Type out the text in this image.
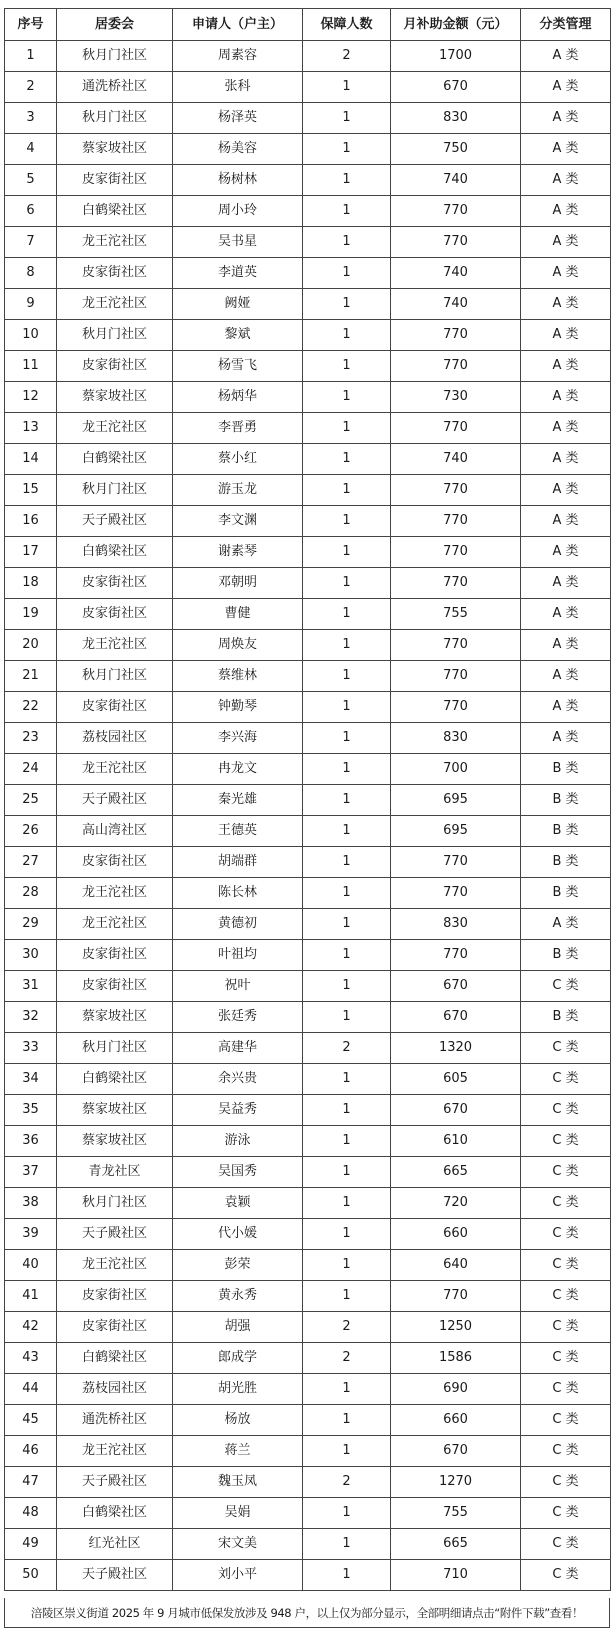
序号	居委会	申请人（户主）	保障人数	月补助金额（元）	分类管理
1	秋月门社区	周素容	2	1700	A 类
2	通洗桥社区	张科	1	670	A 类
3	秋月门社区	杨泽英	1	830	A 类
4	蔡家坡社区	杨美容	1	750	A 类
5	皮家街社区	杨树林	1	740	A 类
6	白鹤梁社区	周小玲	1	770	A 类
7	龙王沱社区	吴书星	1	770	A 类
8	皮家街社区	李道英	1	740	A 类
9	龙王沱社区	阙娅	1	740	A 类
10	秋月门社区	黎斌	1	770	A 类
11	皮家街社区	杨雪飞	1	770	A 类
12	蔡家坡社区	杨炳华	1	730	A 类
13	龙王沱社区	李晋勇	1	770	A 类
14	白鹤梁社区	蔡小红	1	740	A 类
15	秋月门社区	游玉龙	1	770	A 类
16	天子殿社区	李文渊	1	770	A 类
17	白鹤梁社区	谢素琴	1	770	A 类
18	皮家街社区	邓朝明	1	770	A 类
19	皮家街社区	曹健	1	755	A 类
20	龙王沱社区	周焕友	1	770	A 类
21	秋月门社区	蔡维林	1	770	A 类
22	皮家街社区	钟勤琴	1	770	A 类
23	荔枝园社区	李兴海	1	830	A 类
24	龙王沱社区	冉龙文	1	700	B 类
25	天子殿社区	秦光雄	1	695	B 类
26	高山湾社区	王德英	1	695	B 类
27	皮家街社区	胡端群	1	770	B 类
28	龙王沱社区	陈长林	1	770	B 类
29	龙王沱社区	黄德初	1	830	A 类
30	皮家街社区	叶祖均	1	770	B 类
31	皮家街社区	祝叶	1	670	C 类
32	蔡家坡社区	张廷秀	1	670	B 类
33	秋月门社区	高建华	2	1320	C 类
34	白鹤梁社区	余兴贵	1	605	C 类
35	蔡家坡社区	吴益秀	1	670	C 类
36	蔡家坡社区	游泳	1	610	C 类
37	青龙社区	吴国秀	1	665	C 类
38	秋月门社区	袁颖	1	720	C 类
39	天子殿社区	代小媛	1	660	C 类
40	龙王沱社区	彭荣	1	640	C 类
41	皮家街社区	黄永秀	1	770	C 类
42	皮家街社区	胡强	2	1250	C 类
43	白鹤梁社区	郎成学	2	1586	C 类
44	荔枝园社区	胡光胜	1	690	C 类
45	通洗桥社区	杨放	1	660	C 类
46	龙王沱社区	蒋兰	1	670	C 类
47	天子殿社区	魏玉凤	2	1270	C 类
48	白鹤梁社区	吴娟	1	755	C 类
49	红光社区	宋文美	1	665	C 类
50	天子殿社区	刘小平	1	710	C 类
涪陵区崇义街道 2025 年 9 月城市低保发放涉及 948 户，以上仅为部分显示，全部明细请点击“附件下载”查看！
